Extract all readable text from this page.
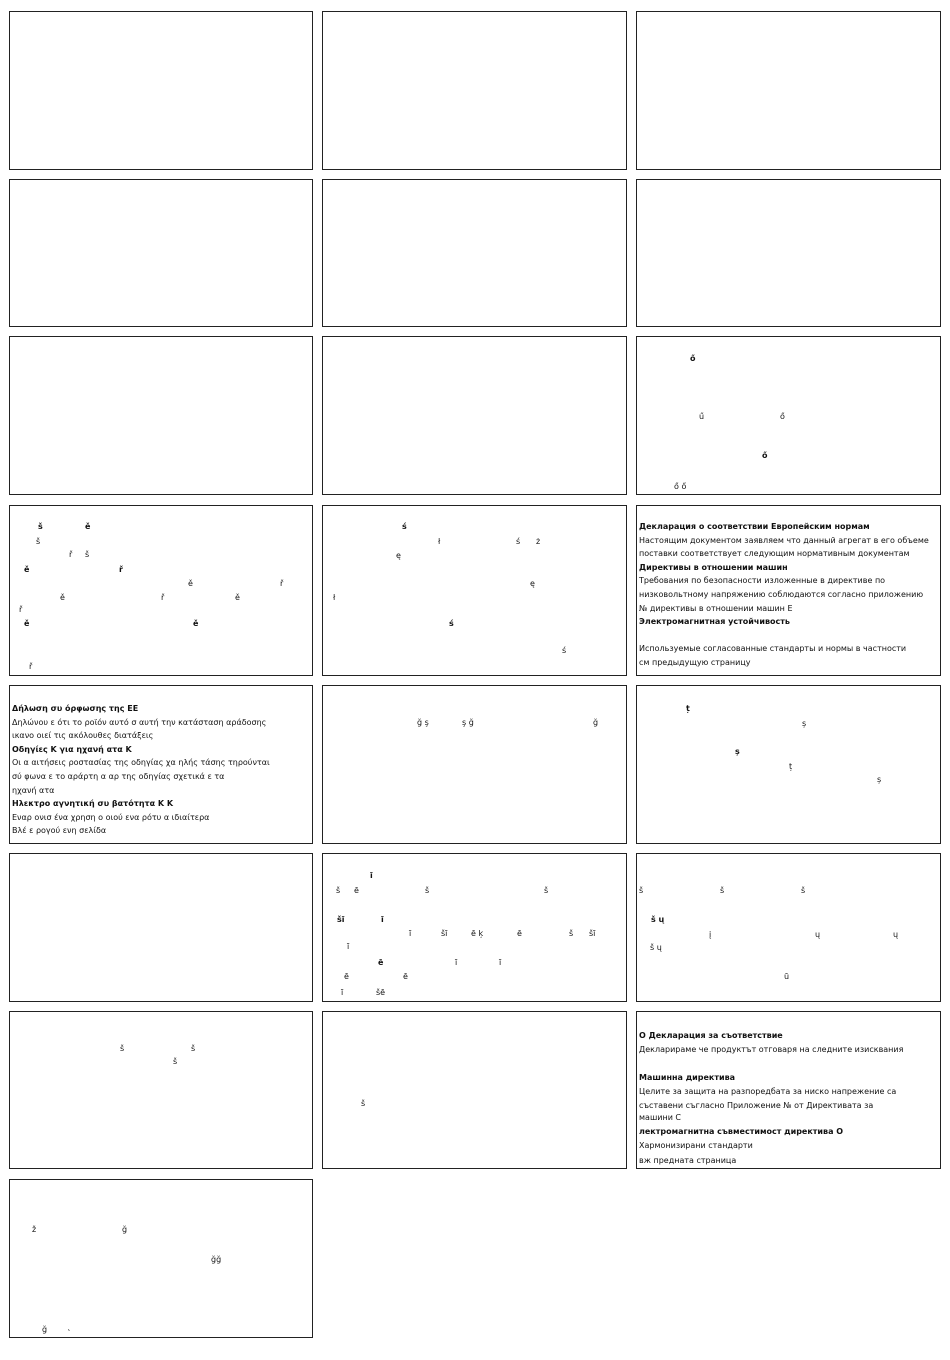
ő
ű	ő
ő
ő ő
š	ě
š
ř š
ě	ř
ě	ř
ě	ř	ě
ř
ě	ě
ř
ś
ł	ś ż
ę
ę
ł
ś
ś
Декларация о соответствии Европейским нормам
Настоящим документом заявляем что данный агрегат в его объеме
поставки соответствует следующим нормативным документам
Директивы в отношении машин
Требования по безопасности изложенные в директиве по
низковольтному напряжению соблюдаются согласно приложению
№ директивы в отношении машин Е
Электромагнитная устойчивость
Используемые согласованные стандарты и нормы в частности
см предыдущую страницу
Δήλωση συ όρφωσης της ΕΕ
Δηλώνου ε ότι το ροϊόν αυτό σ αυτή την κατάσταση αράδοσης
ικανο οιεί τις ακόλουθες διατάξεις
Οδηγίες Κ για ηχανή ατα Κ
Οι α αιτήσεις ροστασίας της οδηγίας χα ηλής τάσης τηρούνται
σύ φωνα ε το αράρτη α αρ της οδηγίας σχετικά ε τα
ηχανή ατα
Ηλεκτρο αγνητική συ βατότητα Κ Κ
Εναρ ονισ ένα χρηση ο οιού ενα ρότυ α ιδιαίτερα
Βλέ ε ρογού ενη σελίδα
ğ ş	ş ğ	ğ
ț
ș
ș
ț
ș
ī
š ē	š	š
šī	ī
ī	šī	ē ķ	ē	š šī
ī
ē	ī	ī
ē	ē
ī	šē
š	š	š
š ų
į	ų	ų
š ų
ū
š	š
š
š
О Декларация за съответствие
Декларираме че продуктът отговаря на следните изисквания
Машинна директива
Целите за защита на разпоредбата за ниско напрежение са
съставени съгласно Приложение № от Директивата за
машини С
лектромагнитна съвместимост директива О
Хармонизирани стандарти
вж предната страница
ž	ğ
ğğ
ğ ˛
